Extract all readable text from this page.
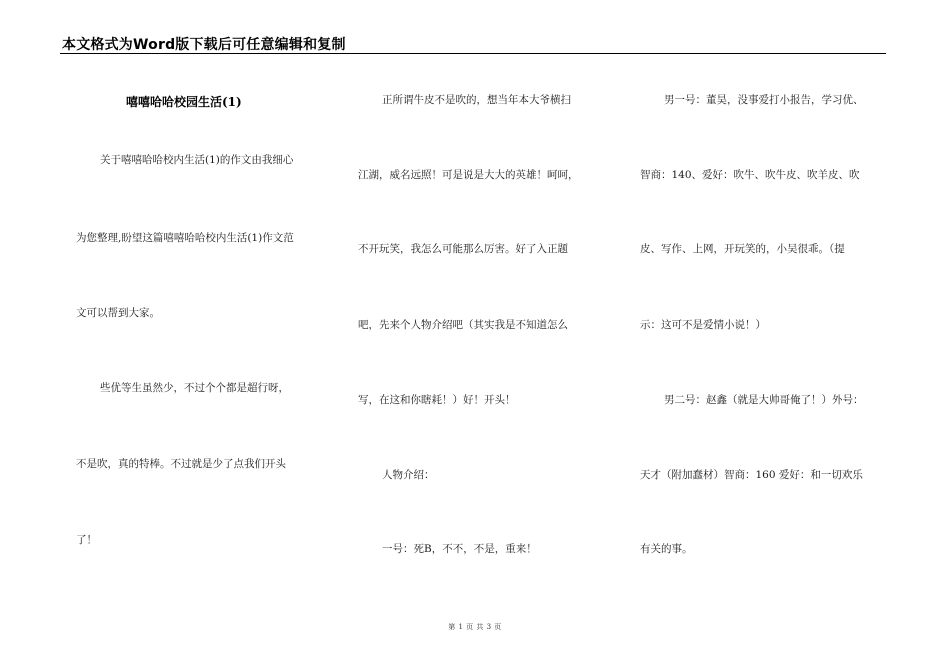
本文格式为Word版下载后可任意编辑和复制
嘻嘻哈哈校园生活(1)
关于嘻嘻哈哈校内生活(1)的作文由我细心
为您整理,盼望这篇嘻嘻哈哈校内生活(1)作文范
文可以帮到大家。
些优等生虽然少，不过个个都是超行呀，
不是吹，真的特棒。不过就是少了点我们开头
了！
正所谓牛皮不是吹的，想当年本大爷横扫
江湖，威名远照！可是说是大大的英雄！呵呵，
不开玩笑，我怎么可能那么厉害。好了入正题
吧，先来个人物介绍吧（其实我是不知道怎么
写，在这和你瞎耗！）好！开头！
人物介绍：
一号：死B，不不，不是，重来！
男一号：董昊，没事爱打小报告，学习优、
智商：140、爱好：吹牛、吹牛皮、吹羊皮、吹
皮、写作、上网，开玩笑的，小吴很乖。（提
示：这可不是爱情小说！）
男二号：赵鑫（就是大帅哥俺了！）外号：
天才（附加蠢材）智商：160 爱好：和一切欢乐
有关的事。
第 1 页 共 3 页
